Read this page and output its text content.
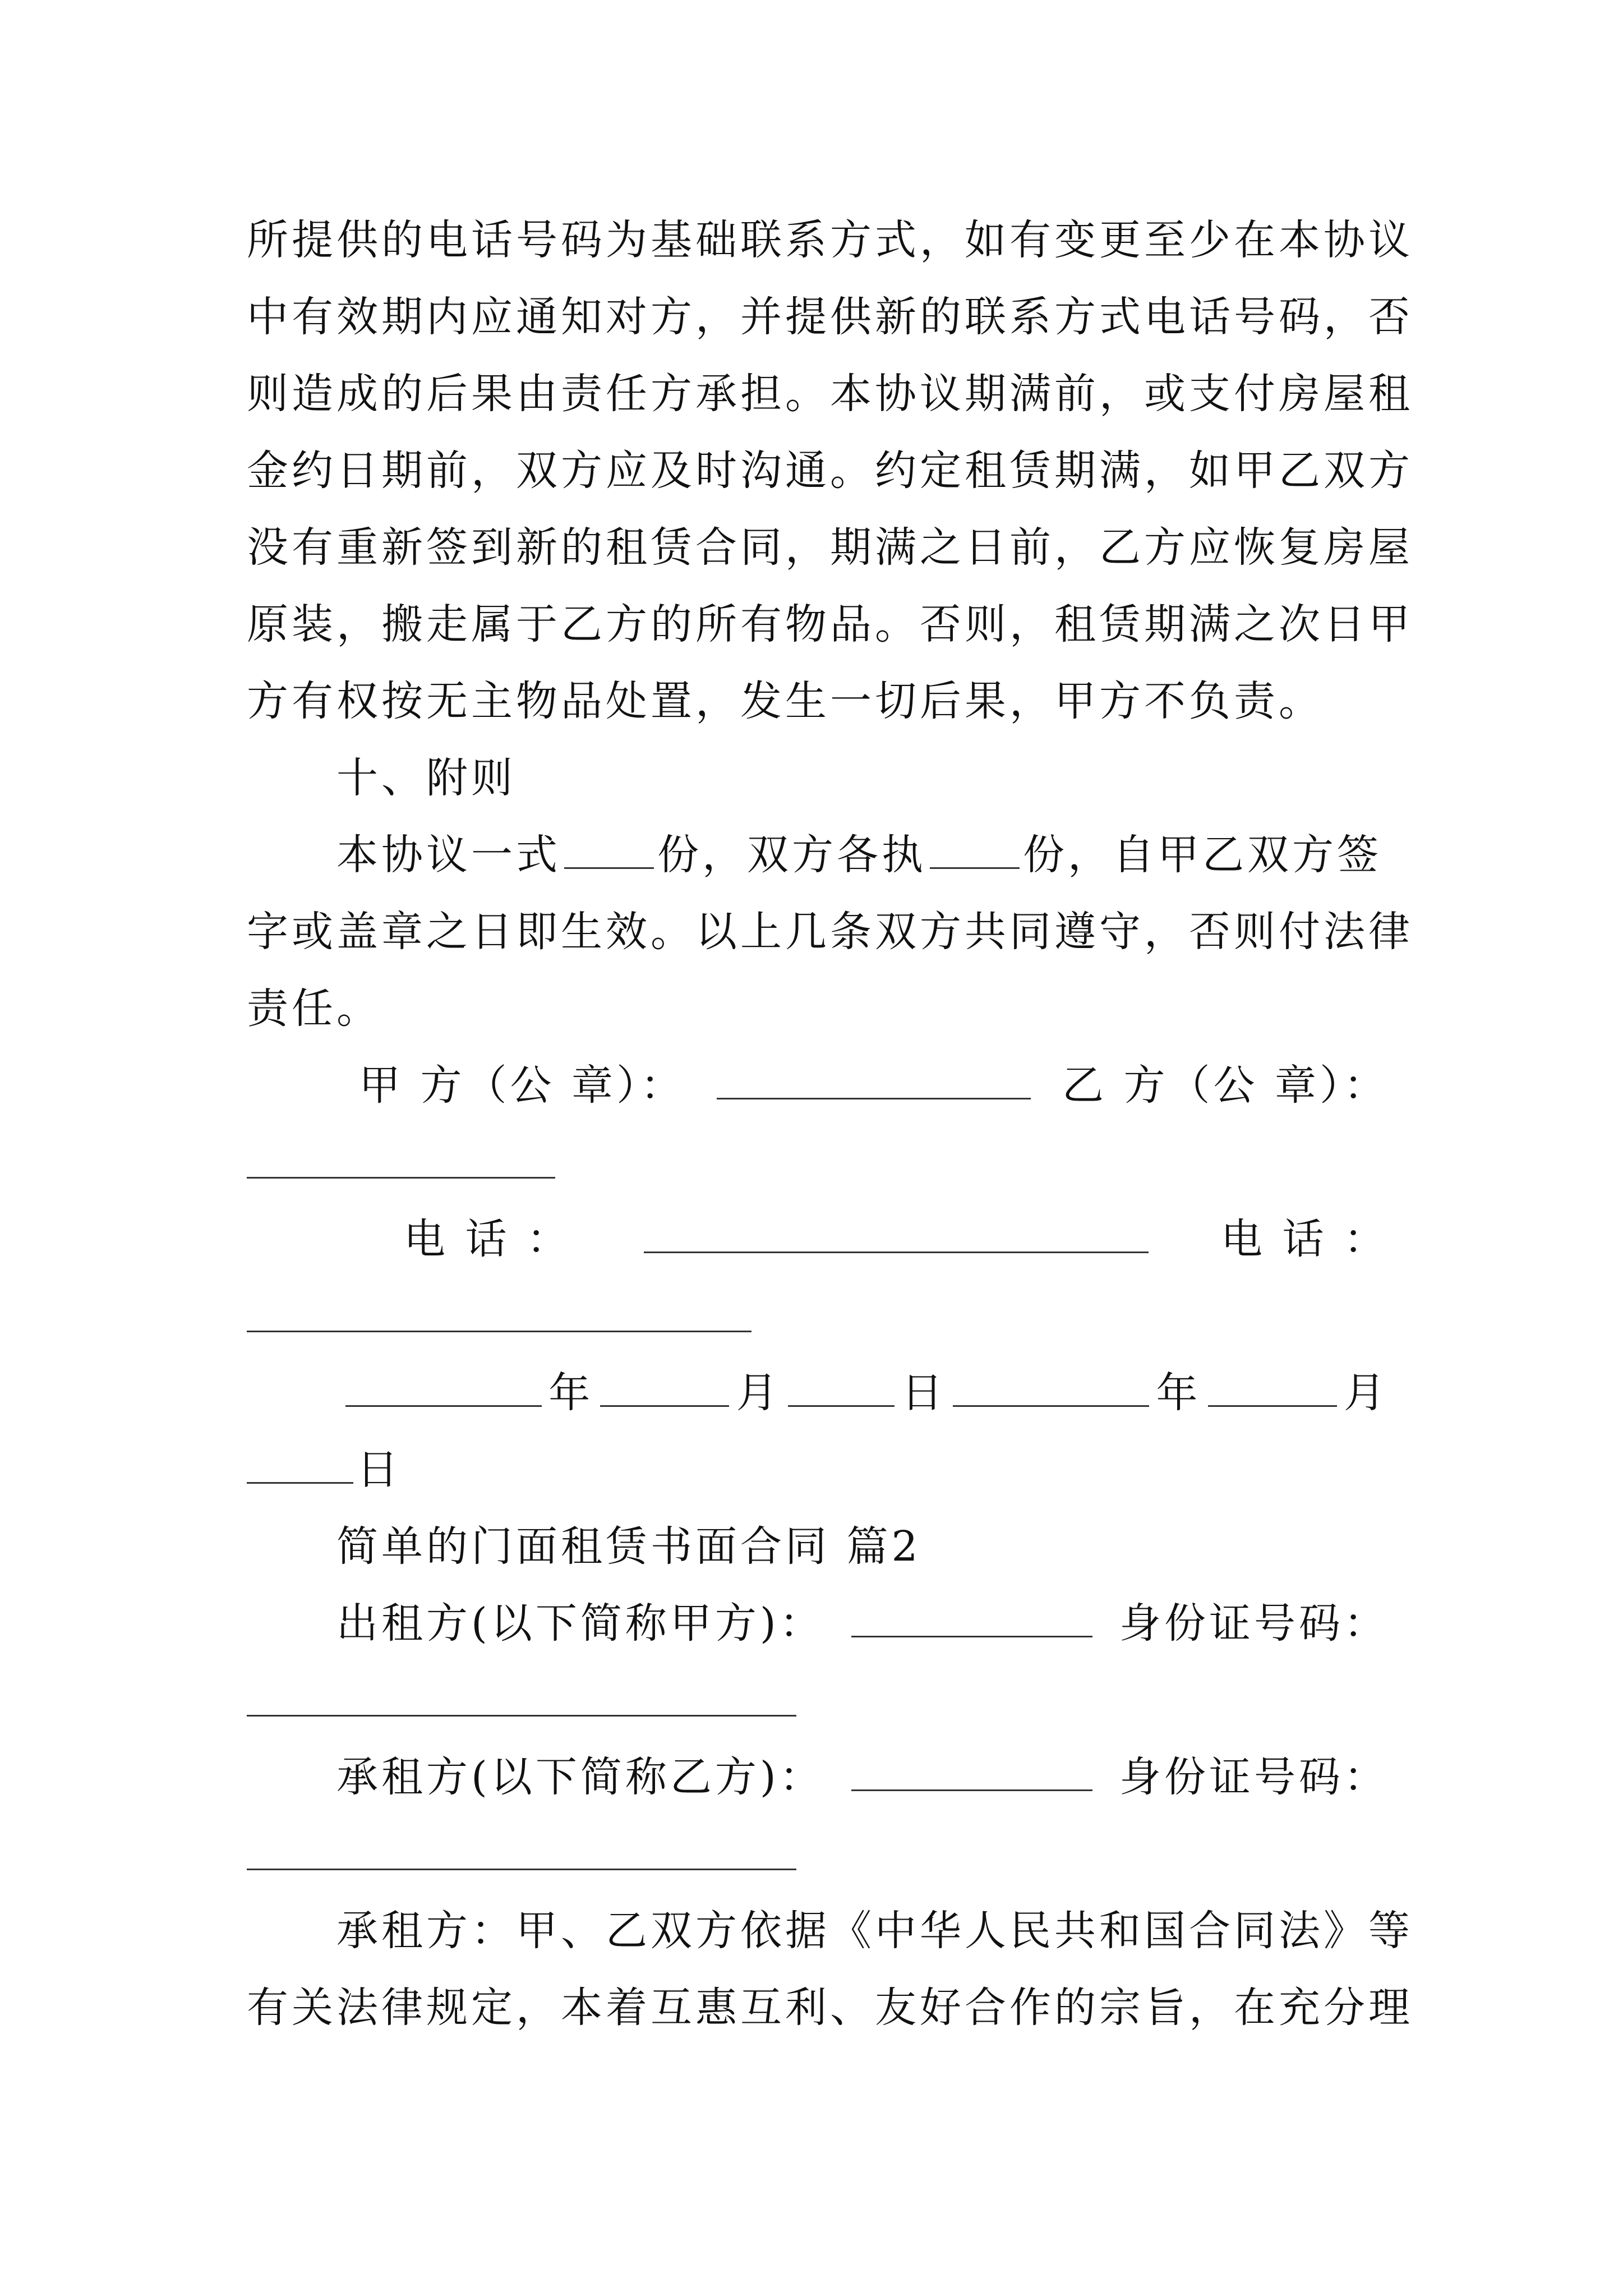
所提供的电话号码为基础联系方式，如有变更至少在本协议
中有效期内应通知对方，并提供新的联系方式电话号码，否
则造成的后果由责任方承担。本协议期满前，或支付房屋租
金约日期前，双方应及时沟通。约定租赁期满，如甲乙双方
没有重新签到新的租赁合同，期满之日前，乙方应恢复房屋
原装，搬走属于乙方的所有物品。否则，租赁期满之次日甲
方有权按无主物品处置，发生一切后果，甲方不负责。
十、附则
本协议一式 份，双方各执 份，自甲乙双方签
字或盖章之日即生效。以上几条双方共同遵守，否则付法律
责任。
甲 方（公 章）：	乙 方（公 章）：
电 话 ：	电 话 ：
年	月	日	年	月
日
简单的门面租赁书面合同 篇2
出租方(以下简称甲方)：	身份证号码：
承租方(以下简称乙方)：	身份证号码：
承租方：甲、乙双方依据《中华人民共和国合同法》等
有关法律规定，本着互惠互利、友好合作的宗旨，在充分理
